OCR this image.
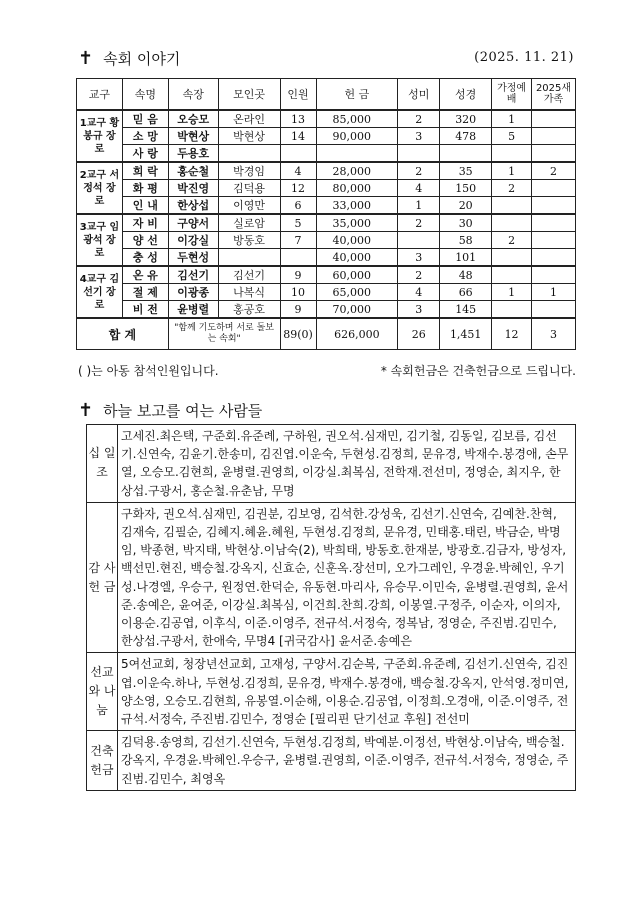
✝ 속회 이야기	(2025. 11. 21)
교구	속명	속장	모인곳	인원	헌 금	성미	성경	가정예배	2025새가족
1교구 황봉규 장로	믿 음	오승모	온라인	13	85,000	2	320	1	
	소 망	박현상	박현상	14	90,000	3	478	5	
	사 랑	두용호							
2교구 서정석 장로	희 락	홍순철	박경임	4	28,000	2	35	1	2
	화 평	박진영	김덕용	12	80,000	4	150	2	
	인 내	한상섭	이영만	6	33,000	1	20		
3교구 임광석 장로	자 비	구양서	실로암	5	35,000	2	30		
	양 선	이강실	방동호	7	40,000		58	2	
	충 성	두현성			40,000	3	101		
4교구 김선기 장로	온 유	김선기	김선기	9	60,000	2	48		
	절 제	이광종	나복식	10	65,000	4	66	1	1
	비 전	윤병렬	홍공호	9	70,000	3	145		
합 계		"함께 기도하며 서로 돌보는 속회"		89(0)	626,000	26	1,451	12	3
( )는 아동 참석인원입니다.	* 속회헌금은 건축헌금으로 드립니다.
✝ 하늘 보고를 여는 사람들
십 일 조	고세진.최은택, 구준회.유준례, 구하원, 권오석.심재민, 김기철, 김동일, 김보름, 김선기.신연숙, 김윤기.한송미, 김진엽.이운숙, 두현성.김정희, 문유경, 박재수.봉경애, 손무열, 오승모.김현희, 윤병렬.권영희, 이강실.최복심, 전학재.전선미, 정영순, 최지우, 한상섭.구광서, 홍순철.유춘남, 무명
감 사 헌 금	구화자, 권오석.심재민, 김권분, 김보영, 김석한.강성욱, 김선기.신연숙, 김예찬.찬혁, 김재숙, 김필순, 김혜지.혜윤.혜원, 두현성.김정희, 문유경, 민태홍.태린, 박금순, 박명임, 박종현, 박지태, 박현상.이남숙(2), 박희태, 방동호.한재분, 방광호.김금자, 방성자, 백선민.현진, 백승철.강옥지, 신효순, 신훈옥.장선미, 오가그레인, 우경윤.박혜인, 우기성.나경엘, 우승구, 원정연.한덕순, 유동현.마리사, 유승무.이민숙, 윤병렬.권영희, 윤서준.송예은, 윤여준, 이강실.최복심, 이건희.찬희.강희, 이봉열.구정주, 이순자, 이의자, 이용순.김공엽, 이후식, 이준.이영주, 전규석.서정숙, 정복남, 정영순, 주진범.김민수, 한상섭.구광서, 한애숙, 무명4 [귀국감사] 윤서준.송예은
선교 와 나눔	5여선교회, 청장년선교회, 고재성, 구양서.김순복, 구준회.유준례, 김선기.신연숙, 김진엽.이운숙.하나, 두현성.김정희, 문유경, 박재수.봉경애, 백승철.강옥지, 안석영.정미연, 양소영, 오승모.김현희, 유봉열.이순해, 이용순.김공엽, 이정희.오경애, 이준.이영주, 전규석.서정숙, 주진범.김민수, 정영순 [필리핀 단기선교 후원] 전선미
건축 헌금	김덕용.송영희, 김선기.신연숙, 두현성.김정희, 박예분.이정선, 박현상.이남숙, 백승철.강옥지, 우경윤.박혜인.우승구, 윤병렬.권영희, 이준.이영주, 전규석.서정숙, 정영순, 주진범.김민수, 최영옥
